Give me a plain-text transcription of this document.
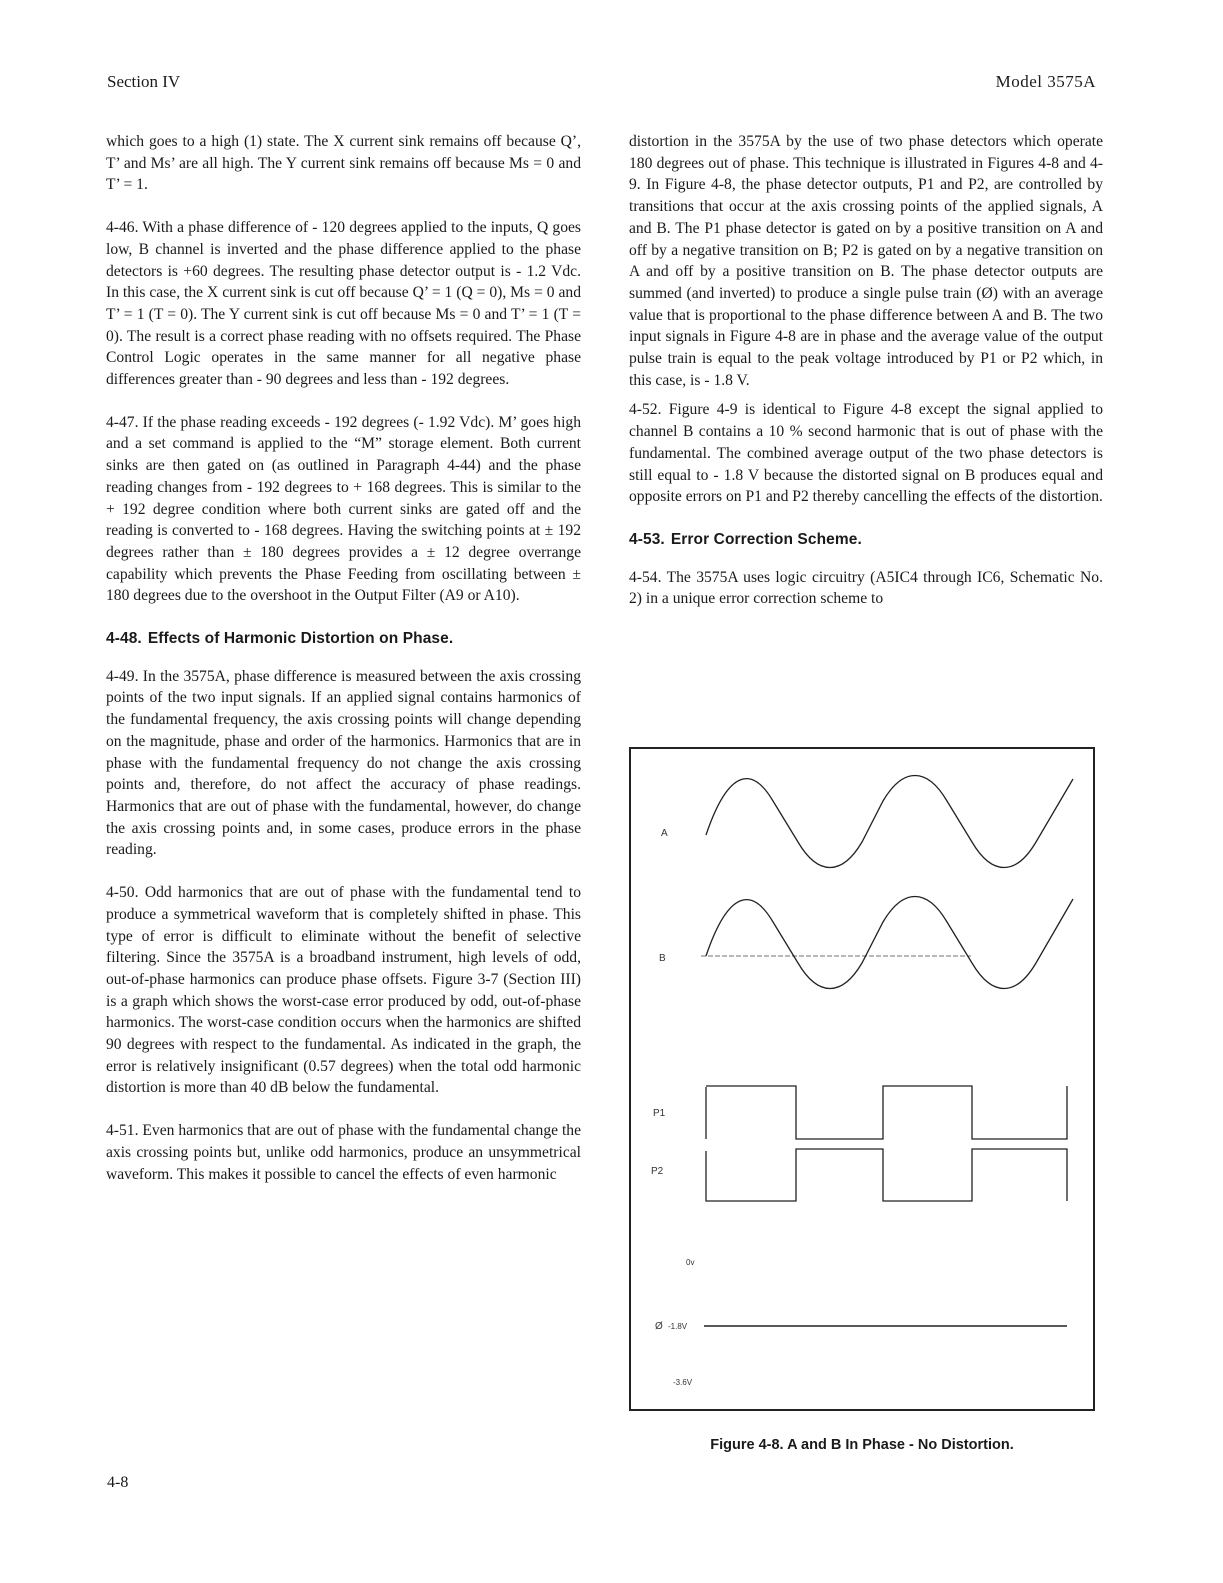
Section IV	Model 3575A

which goes to a high (1) state. The X current sink remains off because Q’, T’ and Ms’ are all high. The Y current sink remains off because Ms = 0 and T’ = 1.

4-46. With a phase difference of - 120 degrees applied to the inputs, Q goes low, B channel is inverted and the phase difference applied to the phase detectors is +60 degrees. The resulting phase detector output is - 1.2 Vdc. In this case, the X current sink is cut off because Q’ = 1 (Q = 0), Ms = 0 and T’ = 1 (T = 0). The Y current sink is cut off because Ms = 0 and T’ = 1 (T = 0). The result is a correct phase reading with no offsets required. The Phase Control Logic operates in the same manner for all negative phase differences greater than - 90 degrees and less than - 192 degrees.

4-47. If the phase reading exceeds - 192 degrees (- 1.92 Vdc). M’ goes high and a set command is applied to the “M” storage element. Both current sinks are then gated on (as outlined in Paragraph 4-44) and the phase reading changes from - 192 degrees to + 168 degrees. This is similar to the + 192 degree condition where both current sinks are gated off and the reading is converted to - 168 degrees. Having the switching points at ± 192 degrees rather than ± 180 degrees provides a ± 12 degree overrange capability which prevents the Phase Feeding from oscillating between ± 180 degrees due to the overshoot in the Output Filter (A9 or A10).

4-48. Effects of Harmonic Distortion on Phase.

4-49. In the 3575A, phase difference is measured between the axis crossing points of the two input signals. If an applied signal contains harmonics of the fundamental frequency, the axis crossing points will change depending on the magnitude, phase and order of the harmonics. Harmonics that are in phase with the fundamental frequency do not change the axis crossing points and, therefore, do not affect the accuracy of phase readings. Harmonics that are out of phase with the fundamental, however, do change the axis crossing points and, in some cases, produce errors in the phase reading.

4-50. Odd harmonics that are out of phase with the fundamental tend to produce a symmetrical waveform that is completely shifted in phase. This type of error is difficult to eliminate without the benefit of selective filtering. Since the 3575A is a broadband instrument, high levels of odd, out-of-phase harmonics can produce phase offsets. Figure 3-7 (Section III) is a graph which shows the worst-case error produced by odd, out-of-phase harmonics. The worst-case condition occurs when the harmonics are shifted 90 degrees with respect to the fundamental. As indicated in the graph, the error is relatively insignificant (0.57 degrees) when the total odd harmonic distortion is more than 40 dB below the fundamental.

4-51. Even harmonics that are out of phase with the fundamental change the axis crossing points but, unlike odd harmonics, produce an unsymmetrical waveform. This makes it possible to cancel the effects of even harmonic

distortion in the 3575A by the use of two phase detectors which operate 180 degrees out of phase. This technique is illustrated in Figures 4-8 and 4-9. In Figure 4-8, the phase detector outputs, P1 and P2, are controlled by transitions that occur at the axis crossing points of the applied signals, A and B. The P1 phase detector is gated on by a positive transition on A and off by a negative transition on B; P2 is gated on by a negative transition on A and off by a positive transition on B. The phase detector outputs are summed (and inverted) to produce a single pulse train (Ø) with an average value that is proportional to the phase difference between A and B. The two input signals in Figure 4-8 are in phase and the average value of the output pulse train is equal to the peak voltage introduced by P1 or P2 which, in this case, is - 1.8 V.

4-52. Figure 4-9 is identical to Figure 4-8 except the signal applied to channel B contains a 10 % second harmonic that is out of phase with the fundamental. The combined average output of the two phase detectors is still equal to - 1.8 V because the distorted signal on B produces equal and opposite errors on P1 and P2 thereby cancelling the effects of the distortion.

4-53. Error Correction Scheme.

4-54. The 3575A uses logic circuitry (A5IC4 through IC6, Schematic No. 2) in a unique error correction scheme to

A
B
P1
P2
0v
Ø -1.8V
-3.6V
Figure 4-8. A and B In Phase - No Distortion.
4-8
